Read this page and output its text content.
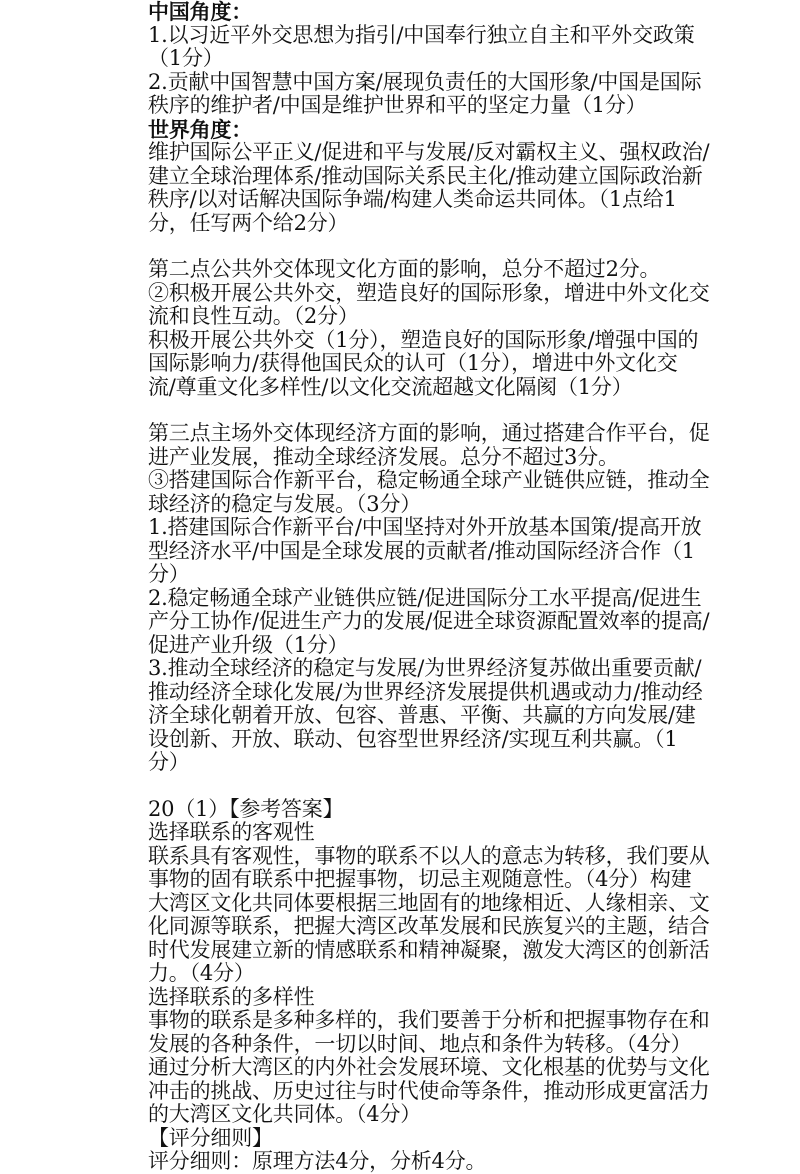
中国角度：
1.以习近平外交思想为指引/中国奉行独立自主和平外交政策
（1分）
2.贡献中国智慧中国方案/展现负责任的大国形象/中国是国际
秩序的维护者/中国是维护世界和平的坚定力量（1分）
世界角度：
维护国际公平正义/促进和平与发展/反对霸权主义、强权政治/
建立全球治理体系/推动国际关系民主化/推动建立国际政治新
秩序/以对话解决国际争端/构建人类命运共同体。（1点给1
分，任写两个给2分）
第二点公共外交体现文化方面的影响，总分不超过2分。
②积极开展公共外交，塑造良好的国际形象，增进中外文化交
流和良性互动。（2分）
积极开展公共外交（1分），塑造良好的国际形象/增强中国的
国际影响力/获得他国民众的认可（1分），增进中外文化交
流/尊重文化多样性/以文化交流超越文化隔阂（1分）
第三点主场外交体现经济方面的影响，通过搭建合作平台，促
进产业发展，推动全球经济发展。总分不超过3分。
③搭建国际合作新平台，稳定畅通全球产业链供应链，推动全
球经济的稳定与发展。（3分）
1.搭建国际合作新平台/中国坚持对外开放基本国策/提高开放
型经济水平/中国是全球发展的贡献者/推动国际经济合作（1
分）
2.稳定畅通全球产业链供应链/促进国际分工水平提高/促进生
产分工协作/促进生产力的发展/促进全球资源配置效率的提高/
促进产业升级（1分）
3.推动全球经济的稳定与发展/为世界经济复苏做出重要贡献/
推动经济全球化发展/为世界经济发展提供机遇或动力/推动经
济全球化朝着开放、包容、普惠、平衡、共赢的方向发展/建
设创新、开放、联动、包容型世界经济/实现互利共赢。（1
分）
20（1）【参考答案】
选择联系的客观性
联系具有客观性，事物的联系不以人的意志为转移，我们要从
事物的固有联系中把握事物，切忌主观随意性。（4分）构建
大湾区文化共同体要根据三地固有的地缘相近、人缘相亲、文
化同源等联系，把握大湾区改革发展和民族复兴的主题，结合
时代发展建立新的情感联系和精神凝聚，激发大湾区的创新活
力。（4分）
选择联系的多样性
事物的联系是多种多样的，我们要善于分析和把握事物存在和
发展的各种条件，一切以时间、地点和条件为转移。（4分）
通过分析大湾区的内外社会发展环境、文化根基的优势与文化
冲击的挑战、历史过往与时代使命等条件，推动形成更富活力
的大湾区文化共同体。（4分）
【评分细则】
评分细则：原理方法4分，分析4分。
